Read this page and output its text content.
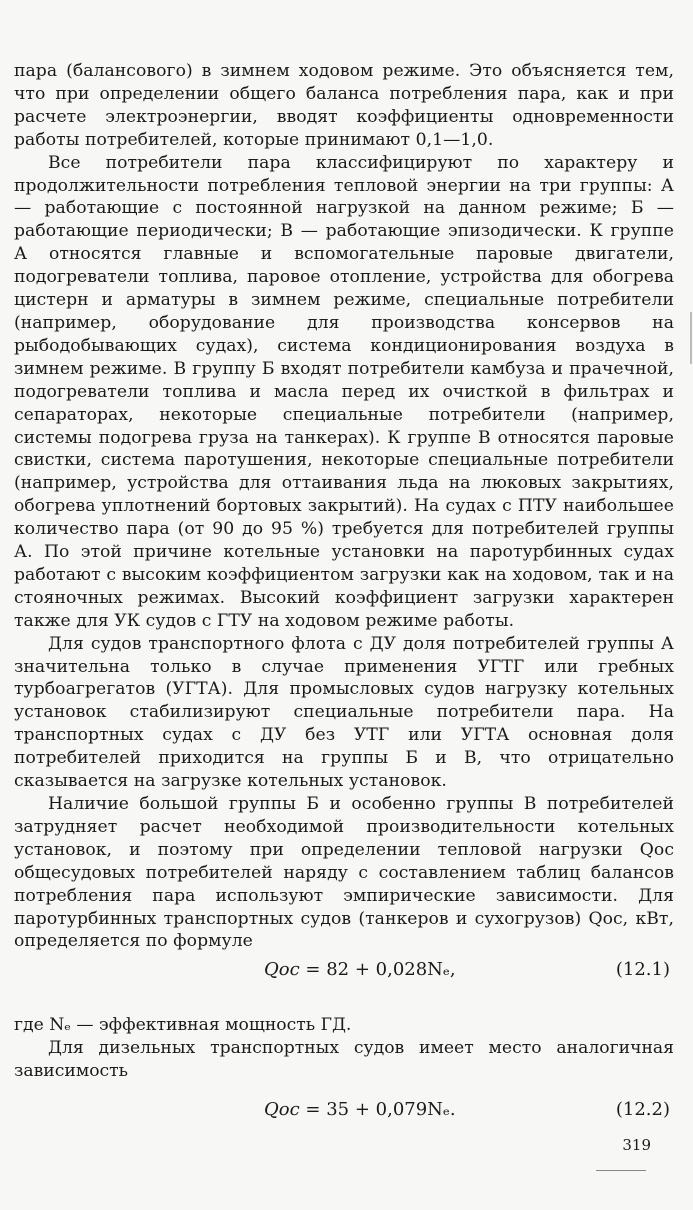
пара (балансового) в зимнем ходовом режиме. Это объясняется тем, что при определении общего баланса потребления пара, как и при расчете электроэнергии, вводят коэффициенты одновременности работы потребителей, которые принимают 0,1—1,0.

Все потребители пара классифицируют по характеру и продолжительности потребления тепловой энергии на три группы: А — работающие с постоянной нагрузкой на данном режиме; Б — работающие периодически; В — работающие эпизодически. К группе А относятся главные и вспомогательные паровые двигатели, подогреватели топлива, паровое отопление, устройства для обогрева цистерн и арматуры в зимнем режиме, специальные потребители (например, оборудование для производства консервов на рыбодобывающих судах), система кондиционирования воздуха в зимнем режиме. В группу Б входят потребители камбуза и прачечной, подогреватели топлива и масла перед их очисткой в фильтрах и сепараторах, некоторые специальные потребители (например, системы подогрева груза на танкерах). К группе В относятся паровые свистки, система паротушения, некоторые специальные потребители (например, устройства для оттаивания льда на люковых закрытиях, обогрева уплотнений бортовых закрытий). На судах с ПТУ наибольшее количество пара (от 90 до 95 %) требуется для потребителей группы А. По этой причине котельные установки на паротурбинных судах работают с высоким коэффициентом загрузки как на ходовом, так и на стояночных режимах. Высокий коэффициент загрузки характерен также для УК судов с ГТУ на ходовом режиме работы.

Для судов транспортного флота с ДУ доля потребителей группы А значительна только в случае применения УГТГ или гребных турбоагрегатов (УГТА). Для промысловых судов нагрузку котельных установок стабилизируют специальные потребители пара. На транспортных судах с ДУ без УТГ или УГТА основная доля потребителей приходится на группы Б и В, что отрицательно сказывается на загрузке котельных установок.

Наличие большой группы Б и особенно группы В потребителей затрудняет расчет необходимой производительности котельных установок, и поэтому при определении тепловой нагрузки Qос общесудовых потребителей наряду с составлением таблиц балансов потребления пара используют эмпирические зависимости. Для паротурбинных транспортных судов (танкеров и сухогрузов) Qос, кВт, определяется по формуле

Qос = 82 + 0,028Nₑ,	(12.1)

где Nₑ — эффективная мощность ГД.

Для дизельных транспортных судов имеет место аналогичная зависимость

Qос = 35 + 0,079Nₑ.	(12.2)
319
